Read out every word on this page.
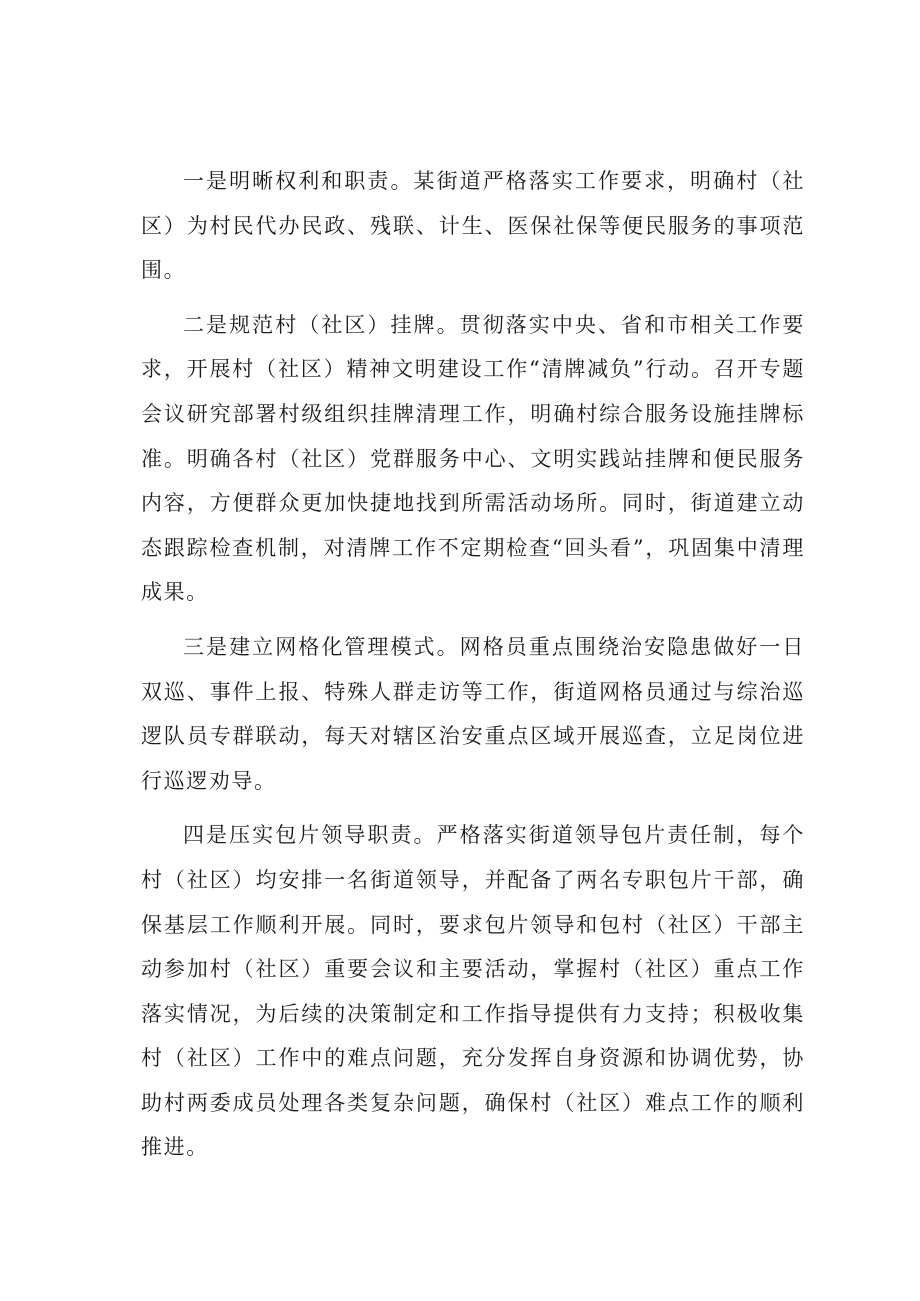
一是明晰权利和职责。某街道严格落实工作要求，明确村（社区）为村民代办民政、残联、计生、医保社保等便民服务的事项范围。

二是规范村（社区）挂牌。贯彻落实中央、省和市相关工作要求，开展村（社区）精神文明建设工作“清牌减负”行动。召开专题会议研究部署村级组织挂牌清理工作，明确村综合服务设施挂牌标准。明确各村（社区）党群服务中心、文明实践站挂牌和便民服务内容，方便群众更加快捷地找到所需活动场所。同时，街道建立动态跟踪检查机制，对清牌工作不定期检查“回头看”，巩固集中清理成果。

三是建立网格化管理模式。网格员重点围绕治安隐患做好一日双巡、事件上报、特殊人群走访等工作，街道网格员通过与综治巡逻队员专群联动，每天对辖区治安重点区域开展巡查，立足岗位进行巡逻劝导。

四是压实包片领导职责。严格落实街道领导包片责任制，每个村（社区）均安排一名街道领导，并配备了两名专职包片干部，确保基层工作顺利开展。同时，要求包片领导和包村（社区）干部主动参加村（社区）重要会议和主要活动，掌握村（社区）重点工作落实情况，为后续的决策制定和工作指导提供有力支持；积极收集村（社区）工作中的难点问题，充分发挥自身资源和协调优势，协助村两委成员处理各类复杂问题，确保村（社区）难点工作的顺利推进。
